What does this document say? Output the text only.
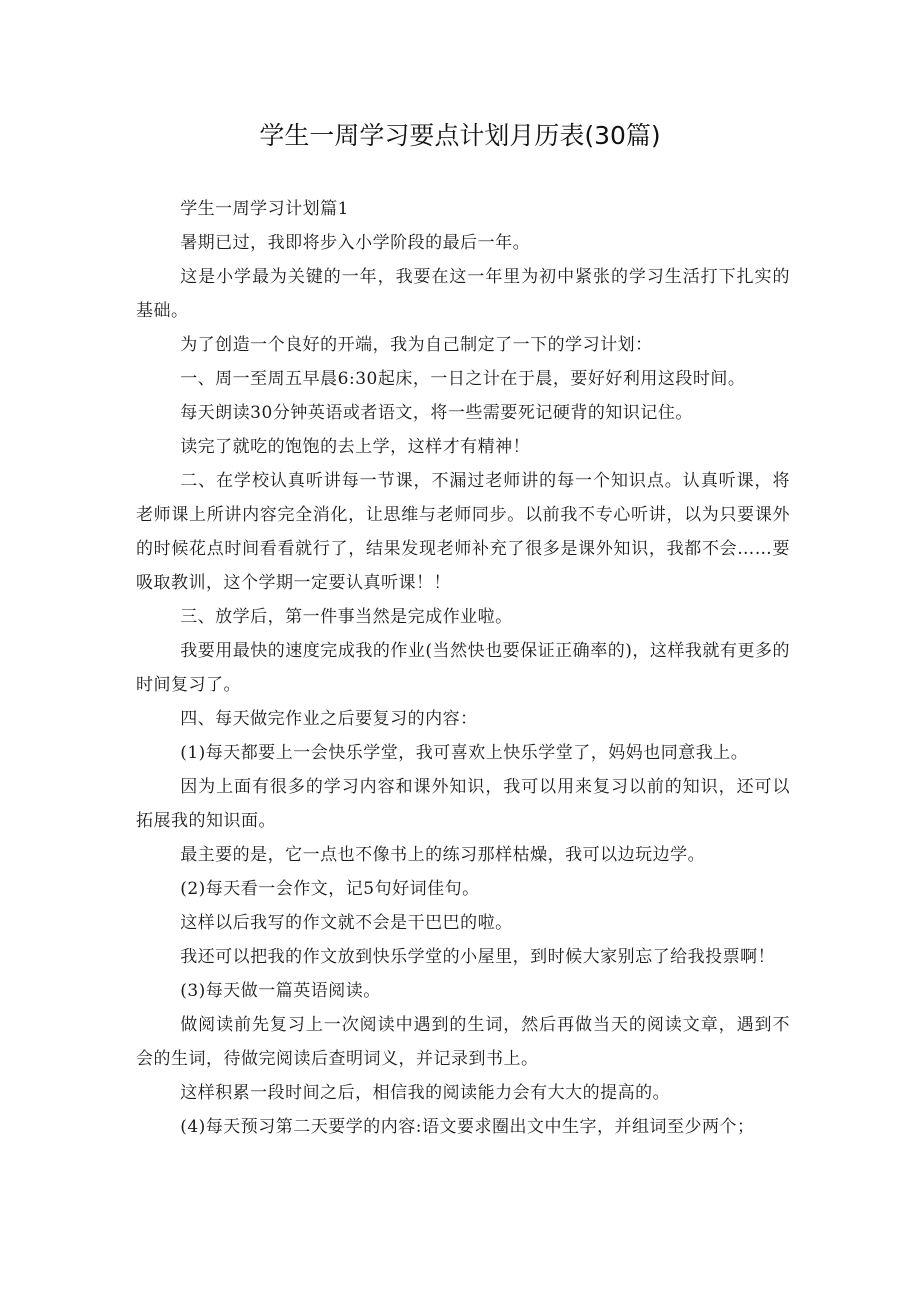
学生一周学习要点计划月历表(30篇)

学生一周学习计划篇1

暑期已过，我即将步入小学阶段的最后一年。

这是小学最为关键的一年，我要在这一年里为初中紧张的学习生活打下扎实的基础。

为了创造一个良好的开端，我为自己制定了一下的学习计划：

一、周一至周五早晨6:30起床，一日之计在于晨，要好好利用这段时间。

每天朗读30分钟英语或者语文，将一些需要死记硬背的知识记住。

读完了就吃的饱饱的去上学，这样才有精神！

二、在学校认真听讲每一节课，不漏过老师讲的每一个知识点。认真听课，将老师课上所讲内容完全消化，让思维与老师同步。以前我不专心听讲，以为只要课外的时候花点时间看看就行了，结果发现老师补充了很多是课外知识，我都不会……要吸取教训，这个学期一定要认真听课！！

三、放学后，第一件事当然是完成作业啦。

我要用最快的速度完成我的作业(当然快也要保证正确率的)，这样我就有更多的时间复习了。

四、每天做完作业之后要复习的内容：

(1)每天都要上一会快乐学堂，我可喜欢上快乐学堂了，妈妈也同意我上。

因为上面有很多的学习内容和课外知识，我可以用来复习以前的知识，还可以拓展我的知识面。

最主要的是，它一点也不像书上的练习那样枯燥，我可以边玩边学。

(2)每天看一会作文，记5句好词佳句。

这样以后我写的作文就不会是干巴巴的啦。

我还可以把我的作文放到快乐学堂的小屋里，到时候大家别忘了给我投票啊！

(3)每天做一篇英语阅读。

做阅读前先复习上一次阅读中遇到的生词，然后再做当天的阅读文章，遇到不会的生词，待做完阅读后查明词义，并记录到书上。

这样积累一段时间之后，相信我的阅读能力会有大大的提高的。

(4)每天预习第二天要学的内容:语文要求圈出文中生字，并组词至少两个；
